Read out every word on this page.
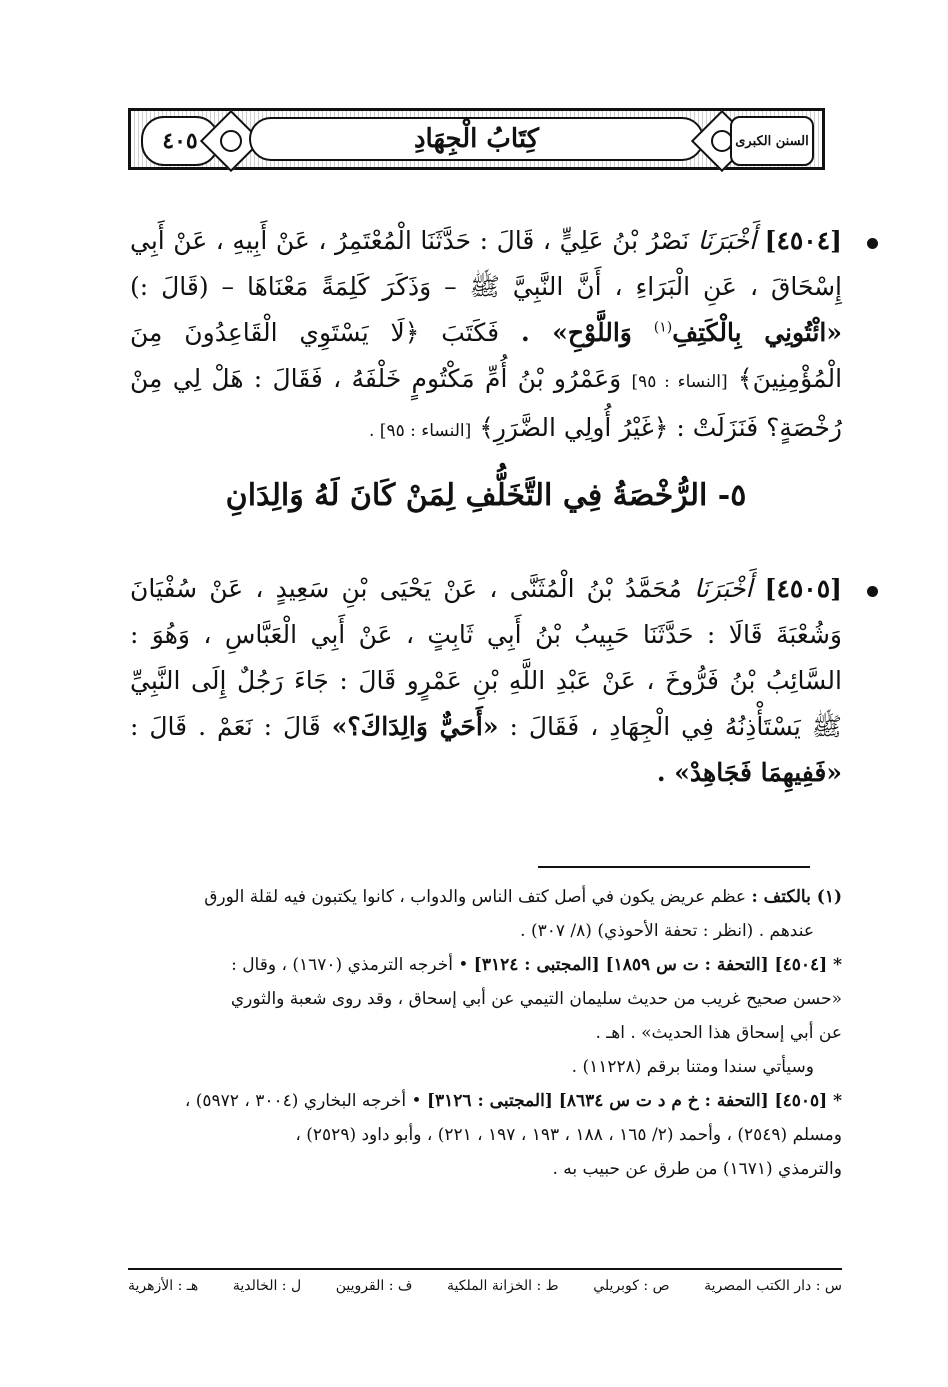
٤٠٥	كِتَابُ الْجِهَادِ	السنن الكبرى
[٤٥٠٤] أَخْبَرَنَا نَصْرُ بْنُ عَلِيٍّ ، قَالَ : حَدَّثَنَا الْمُعْتَمِرُ ، عَنْ أَبِيهِ ، عَنْ أَبِي إِسْحَاقَ ، عَنِ الْبَرَاءِ ، أَنَّ النَّبِيَّ ﷺ – وَذَكَرَ كَلِمَةً مَعْنَاهَا – (قَالَ :) «ائْتُونِي بِالْكَتِفِ$^{(١)}$ وَاللَّوْحِ» . فَكَتَبَ ﴿لَا يَسْتَوِي الْقَاعِدُونَ مِنَ الْمُؤْمِنِينَ﴾ [النساء : ٩٥] وَعَمْرُو بْنُ أُمِّ مَكْتُومٍ خَلْفَهُ ، فَقَالَ : هَلْ لِي مِنْ رُخْصَةٍ؟ فَنَزَلَتْ : ﴿غَيْرُ أُولِي الضَّرَرِ﴾ [النساء : ٩٥] .
٥- الرُّخْصَةُ فِي التَّخَلُّفِ لِمَنْ كَانَ لَهُ وَالِدَانِ
[٤٥٠٥] أَخْبَرَنَا مُحَمَّدُ بْنُ الْمُثَنَّى ، عَنْ يَحْيَى بْنِ سَعِيدٍ ، عَنْ سُفْيَانَ وَشُعْبَةَ قَالَا : حَدَّثَنَا حَبِيبُ بْنُ أَبِي ثَابِتٍ ، عَنْ أَبِي الْعَبَّاسِ ، وَهُوَ : السَّائِبُ بْنُ فَرُّوخَ ، عَنْ عَبْدِ اللَّهِ بْنِ عَمْرٍو قَالَ : جَاءَ رَجُلٌ إِلَى النَّبِيِّ ﷺ يَسْتَأْذِنُهُ فِي الْجِهَادِ ، فَقَالَ : «أَحَيٌّ وَالِدَاكَ؟» قَالَ : نَعَمْ . قَالَ : «فَفِيهِمَا فَجَاهِدْ» .

(١) بالكتف : عظم عريض يكون في أصل كتف الناس والدواب ، كانوا يكتبون فيه لقلة الورق

عندهم . (انظر : تحفة الأحوذي) (٨/ ٣٠٧) .

* [٤٥٠٤] [التحفة : ت س ١٨٥٩] [المجتبى : ٣١٢٤] • أخرجه الترمذي (١٦٧٠) ، وقال :

«حسن صحيح غريب من حديث سليمان التيمي عن أبي إسحاق ، وقد روى شعبة والثوري

عن أبي إسحاق هذا الحديث» . اهـ .

وسيأتي سندا ومتنا برقم (١١٢٢٨) .

* [٤٥٠٥] [التحفة : خ م د ت س ٨٦٣٤] [المجتبى : ٣١٢٦] • أخرجه البخاري (٣٠٠٤ ، ٥٩٧٢) ،

ومسلم (٢٥٤٩) ، وأحمد (٢/ ١٦٥ ، ١٨٨ ، ١٩٣ ، ١٩٧ ، ٢٢١) ، وأبو داود (٢٥٢٩) ،

والترمذي (١٦٧١) من طرق عن حبيب به .

س : دار الكتب المصرية
ص : كوبريلي
ط : الخزانة الملكية
ف : القرويين
ل : الخالدية
هـ : الأزهرية
